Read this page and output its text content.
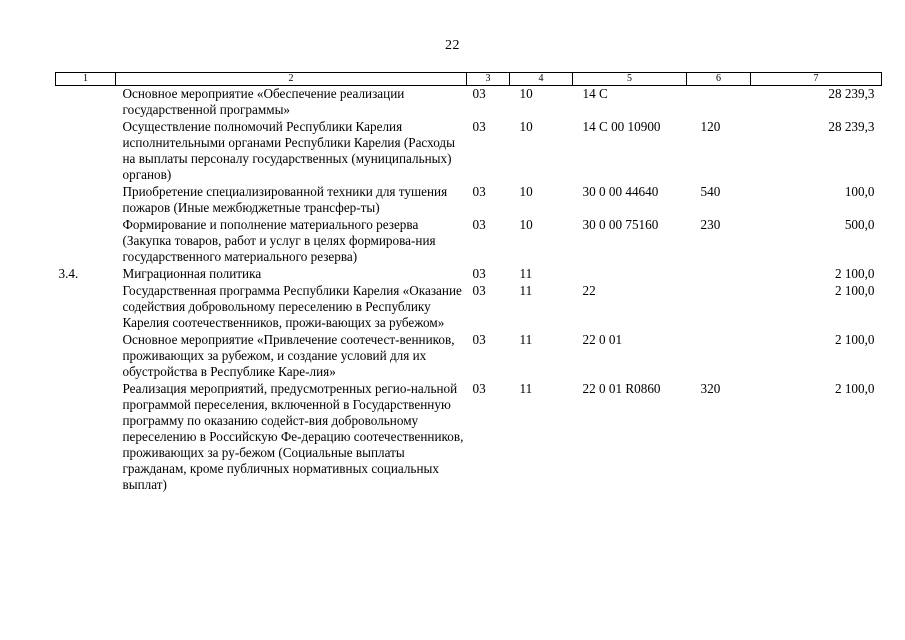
22
1	2	3	4	5	6	7
	Основное мероприятие «Обеспечение реализации государственной программы»	03	10	14 С		28 239,3
	Осуществление полномочий Республики Карелия исполнительными органами Республики Карелия (Расходы на выплаты персоналу государственных (муниципальных) органов)	03	10	14 С 00 10900	120	28 239,3
	Приобретение специализированной техники для тушения пожаров (Иные межбюджетные трансфер-ты)	03	10	30 0 00 44640	540	100,0
	Формирование и пополнение материального резерва (Закупка товаров, работ и услуг в целях формирова-ния государственного материального резерва)	03	10	30 0 00 75160	230	500,0
3.4.	Миграционная политика	03	11			2 100,0
	Государственная программа Республики Карелия «Оказание содействия добровольному переселению в Республику Карелия соотечественников, прожи-вающих за рубежом»	03	11	22		2 100,0
	Основное мероприятие «Привлечение соотечест-венников, проживающих за рубежом, и создание условий для их обустройства в Республике Каре-лия»	03	11	22 0 01		2 100,0
	Реализация мероприятий, предусмотренных регио-нальной программой переселения, включенной в Государственную программу по оказанию содейст-вия добровольному переселению в Российскую Фе-дерацию соотечественников, проживающих за ру-бежом (Социальные выплаты гражданам, кроме публичных нормативных социальных выплат)	03	11	22 0 01 R0860	320	2 100,0
